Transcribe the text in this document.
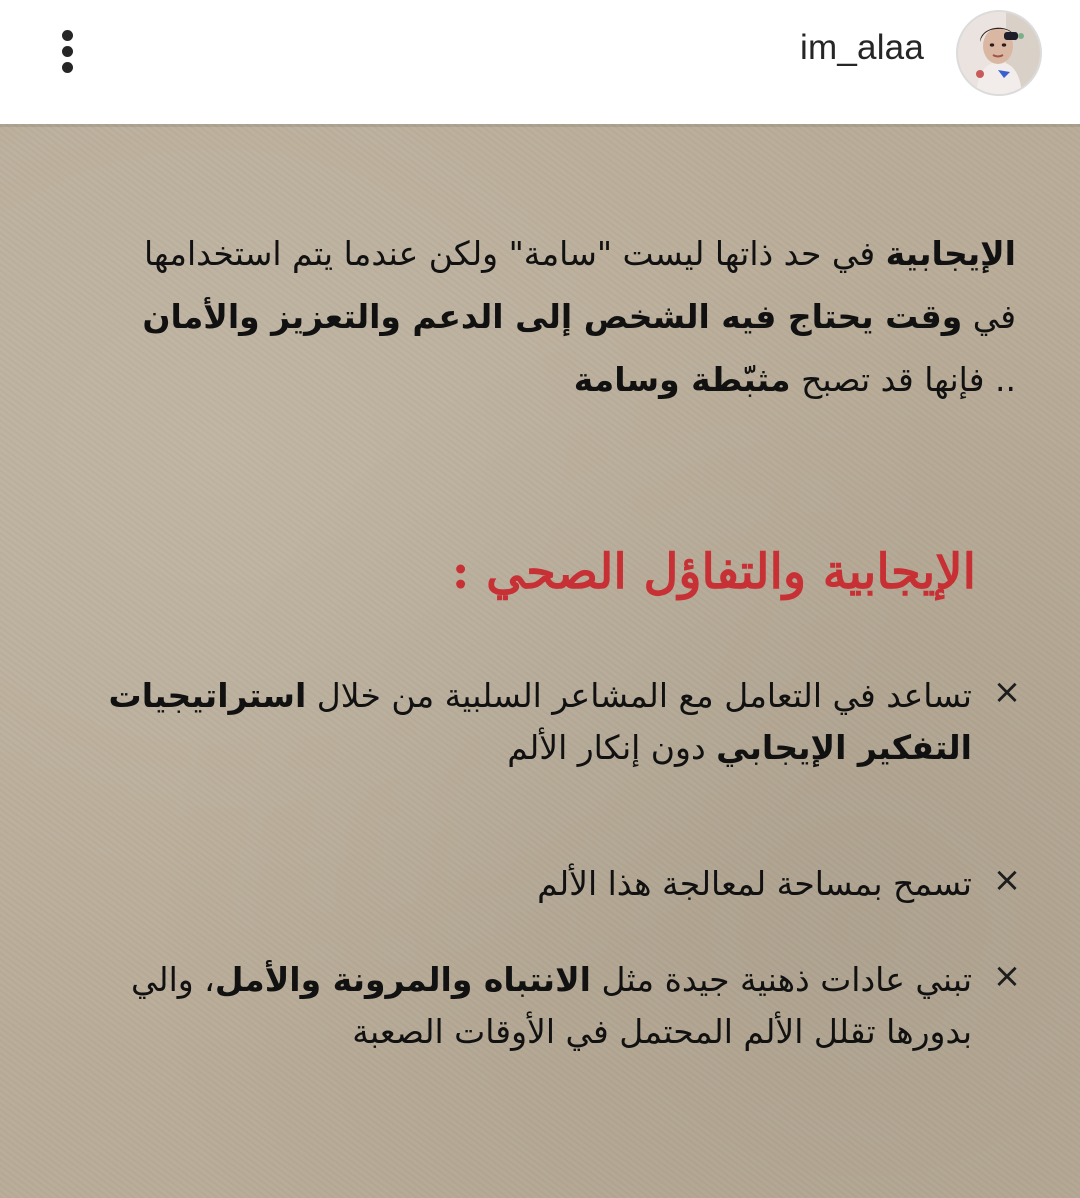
im_alaa
الإيجابية في حد ذاتها ليست "سامة" ولكن عندما يتم استخدامها في وقت يحتاج فيه الشخص إلى الدعم والتعزيز والأمان .. فإنها قد تصبح مثبّطة وسامة
الإيجابية والتفاؤل الصحي :
×
تساعد في التعامل مع المشاعر السلبية من خلال استراتيجيات التفكير الإيجابي دون إنكار الألم
×
تسمح بمساحة لمعالجة هذا الألم
×
تبني عادات ذهنية جيدة مثل الانتباه والمرونة والأمل، والي بدورها تقلل الألم المحتمل في الأوقات الصعبة
